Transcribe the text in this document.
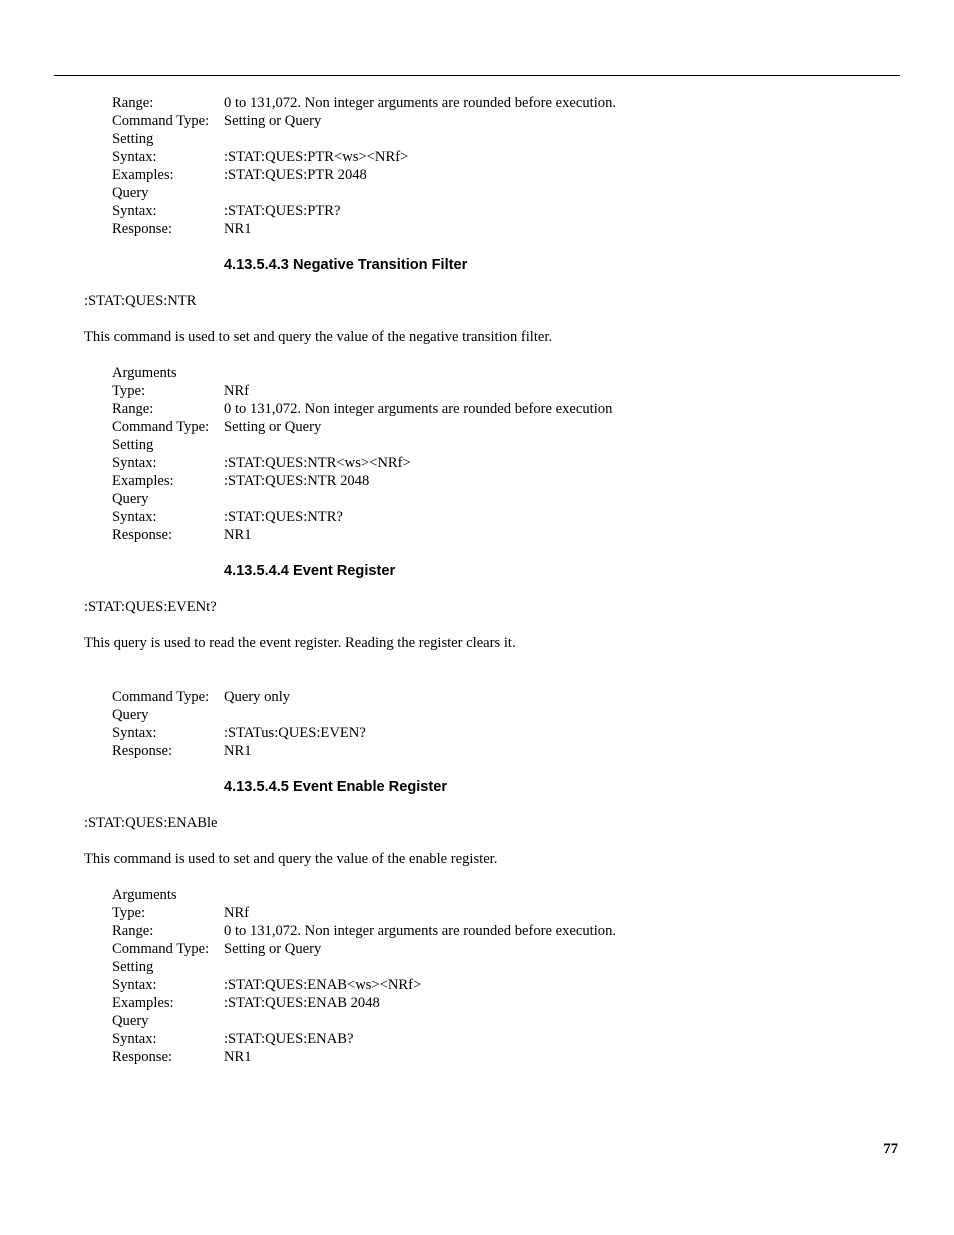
Range:	0 to 131,072. Non integer arguments are rounded before execution.
Command Type:	Setting or Query
Setting
Syntax:	:STAT:QUES:PTR<ws><NRf>
Examples:	:STAT:QUES:PTR 2048
Query
Syntax:	:STAT:QUES:PTR?
Response:	NR1
4.13.5.4.3 Negative Transition Filter
:STAT:QUES:NTR
This command is used to set and query the value of the negative transition filter.
Arguments
Type:	NRf
Range:	0 to 131,072. Non integer arguments are rounded before execution
Command Type:	Setting or Query
Setting
Syntax:	:STAT:QUES:NTR<ws><NRf>
Examples:	:STAT:QUES:NTR 2048
Query
Syntax:	:STAT:QUES:NTR?
Response:	NR1
4.13.5.4.4 Event Register
:STAT:QUES:EVENt?
This query is used to read the event register. Reading the register clears it.
Command Type:	Query only
Query
Syntax:	:STATus:QUES:EVEN?
Response:	NR1
4.13.5.4.5 Event Enable Register
:STAT:QUES:ENABle
This command is used to set and query the value of the enable register.
Arguments
Type:	NRf
Range:	0 to 131,072. Non integer arguments are rounded before execution.
Command Type:	Setting or Query
Setting
Syntax:	:STAT:QUES:ENAB<ws><NRf>
Examples:	:STAT:QUES:ENAB 2048
Query
Syntax:	:STAT:QUES:ENAB?
Response:	NR1
77
